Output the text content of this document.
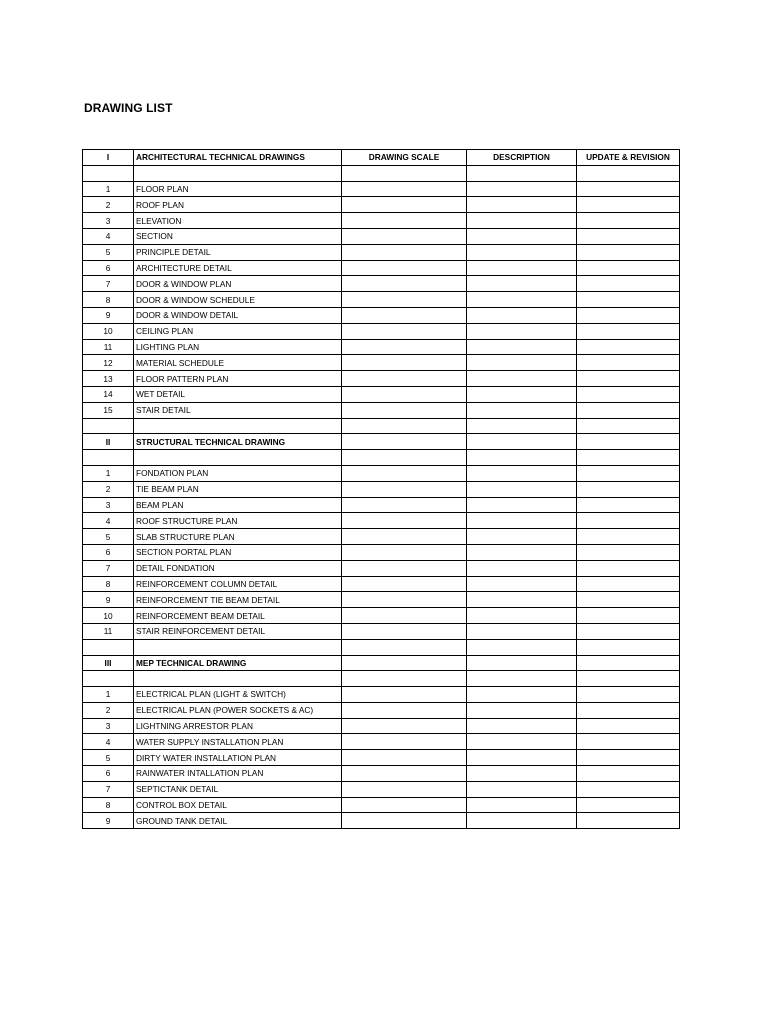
DRAWING LIST
I	ARCHITECTURAL TECHNICAL DRAWINGS	DRAWING SCALE	DESCRIPTION	UPDATE & REVISION

1	FLOOR PLAN			
2	ROOF PLAN			
3	ELEVATION			
4	SECTION			
5	PRINCIPLE DETAIL			
6	ARCHITECTURE DETAIL			
7	DOOR & WINDOW PLAN			
8	DOOR & WINDOW SCHEDULE			
9	DOOR & WINDOW DETAIL			
10	CEILING PLAN			
11	LIGHTING PLAN			
12	MATERIAL SCHEDULE			
13	FLOOR PATTERN PLAN			
14	WET DETAIL			
15	STAIR DETAIL			

II	STRUCTURAL TECHNICAL DRAWING			

1	FONDATION PLAN			
2	TIE BEAM PLAN			
3	BEAM PLAN			
4	ROOF STRUCTURE PLAN			
5	SLAB STRUCTURE PLAN			
6	SECTION PORTAL PLAN			
7	DETAIL FONDATION			
8	REINFORCEMENT COLUMN DETAIL			
9	REINFORCEMENT TIE BEAM DETAIL			
10	REINFORCEMENT BEAM DETAIL			
11	STAIR REINFORCEMENT DETAIL			

III	MEP TECHNICAL DRAWING			

1	ELECTRICAL PLAN (LIGHT & SWITCH)			
2	ELECTRICAL PLAN (POWER SOCKETS & AC)			
3	LIGHTNING ARRESTOR PLAN			
4	WATER SUPPLY INSTALLATION PLAN			
5	DIRTY WATER INSTALLATION PLAN			
6	RAINWATER INTALLATION PLAN			
7	SEPTICTANK DETAIL			
8	CONTROL BOX DETAIL			
9	GROUND TANK DETAIL			
